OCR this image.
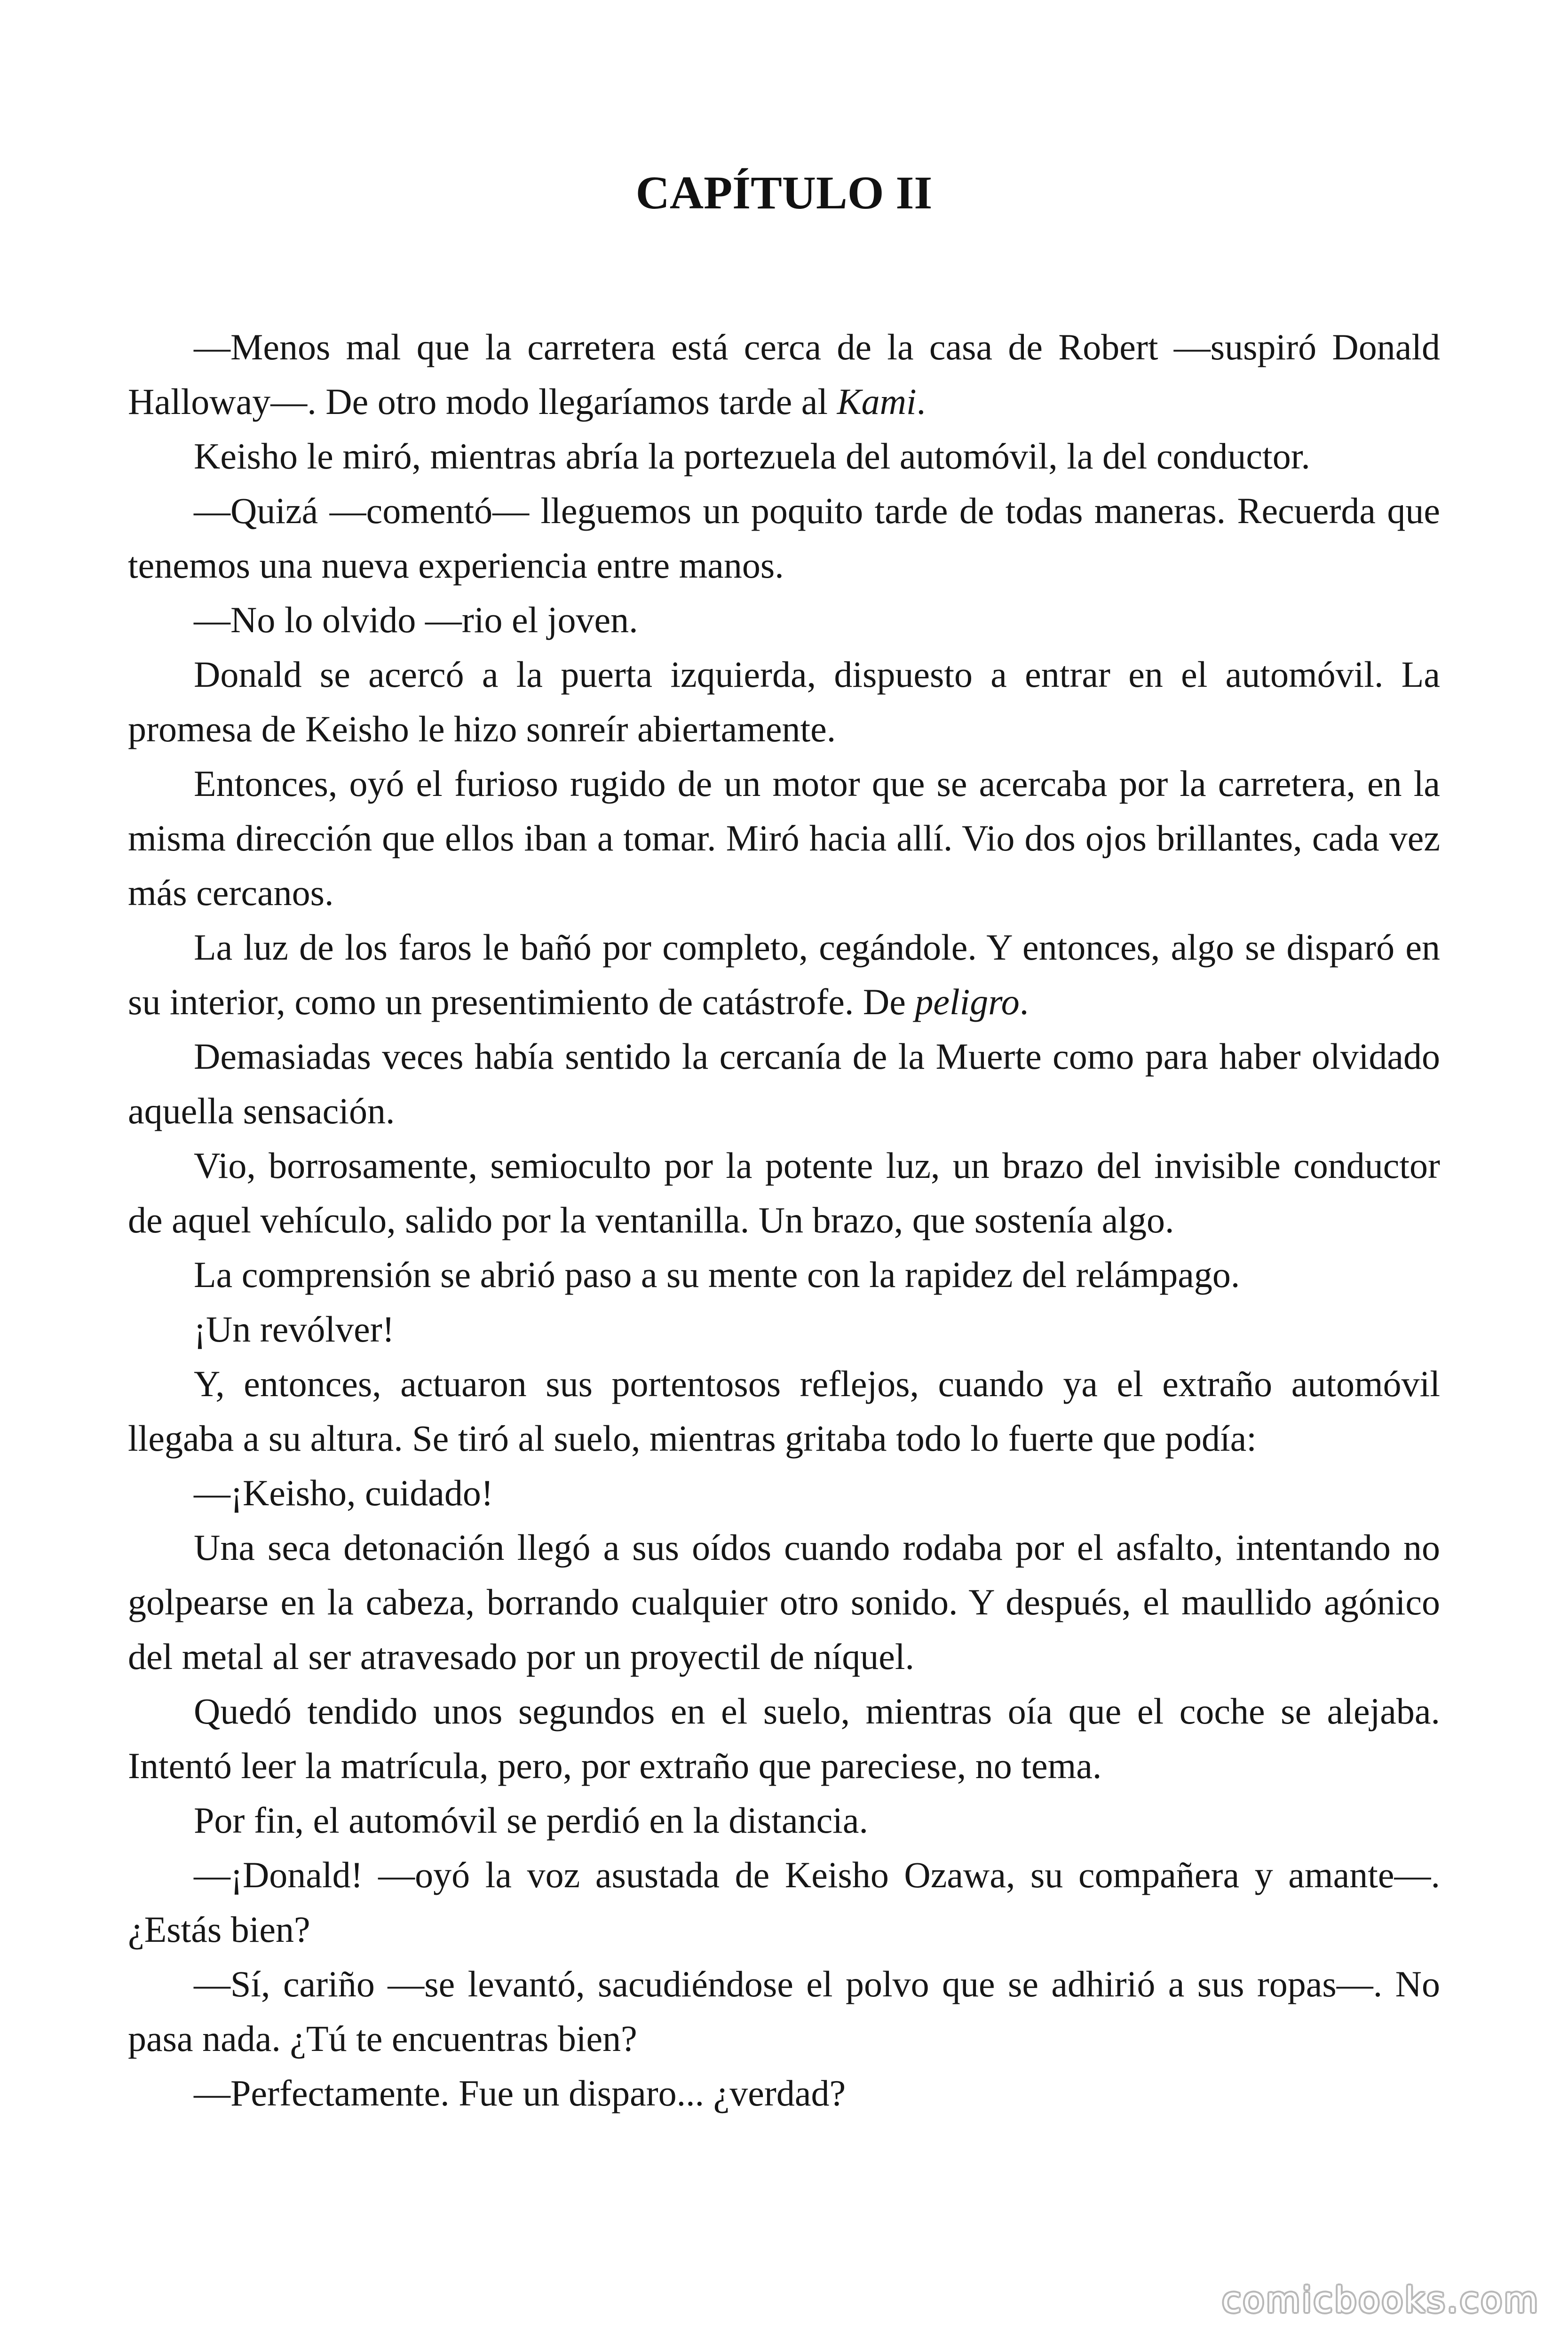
CAPÍTULO II

—Menos mal que la carretera está cerca de la casa de Robert —suspiró Donald Halloway—. De otro modo llegaríamos tarde al Kami.

Keisho le miró, mientras abría la portezuela del automóvil, la del conductor.

—Quizá —comentó— lleguemos un poquito tarde de todas maneras. Recuerda que tenemos una nueva experiencia entre manos.

—No lo olvido —rio el joven.

Donald se acercó a la puerta izquierda, dispuesto a entrar en el automóvil. La promesa de Keisho le hizo sonreír abiertamente.

Entonces, oyó el furioso rugido de un motor que se acercaba por la carretera, en la misma dirección que ellos iban a tomar. Miró hacia allí. Vio dos ojos brillantes, cada vez más cercanos.

La luz de los faros le bañó por completo, cegándole. Y entonces, algo se disparó en su interior, como un presentimiento de catástrofe. De peligro.

Demasiadas veces había sentido la cercanía de la Muerte como para haber olvidado aquella sensación.

Vio, borrosamente, semioculto por la potente luz, un brazo del invisible conductor de aquel vehículo, salido por la ventanilla. Un brazo, que sostenía algo.

La comprensión se abrió paso a su mente con la rapidez del relámpago.

¡Un revólver!

Y, entonces, actuaron sus portentosos reflejos, cuando ya el extraño automóvil llegaba a su altura. Se tiró al suelo, mientras gritaba todo lo fuerte que podía:

—¡Keisho, cuidado!

Una seca detonación llegó a sus oídos cuando rodaba por el asfalto, intentando no golpearse en la cabeza, borrando cualquier otro sonido. Y después, el maullido agónico del metal al ser atravesado por un proyectil de níquel.

Quedó tendido unos segundos en el suelo, mientras oía que el coche se alejaba. Intentó leer la matrícula, pero, por extraño que pareciese, no tema.

Por fin, el automóvil se perdió en la distancia.

—¡Donald! —oyó la voz asustada de Keisho Ozawa, su compañera y amante—. ¿Estás bien?

—Sí, cariño —se levantó, sacudiéndose el polvo que se adhirió a sus ropas—. No pasa nada. ¿Tú te encuentras bien?

—Perfectamente. Fue un disparo... ¿verdad?

comicbooks.com
